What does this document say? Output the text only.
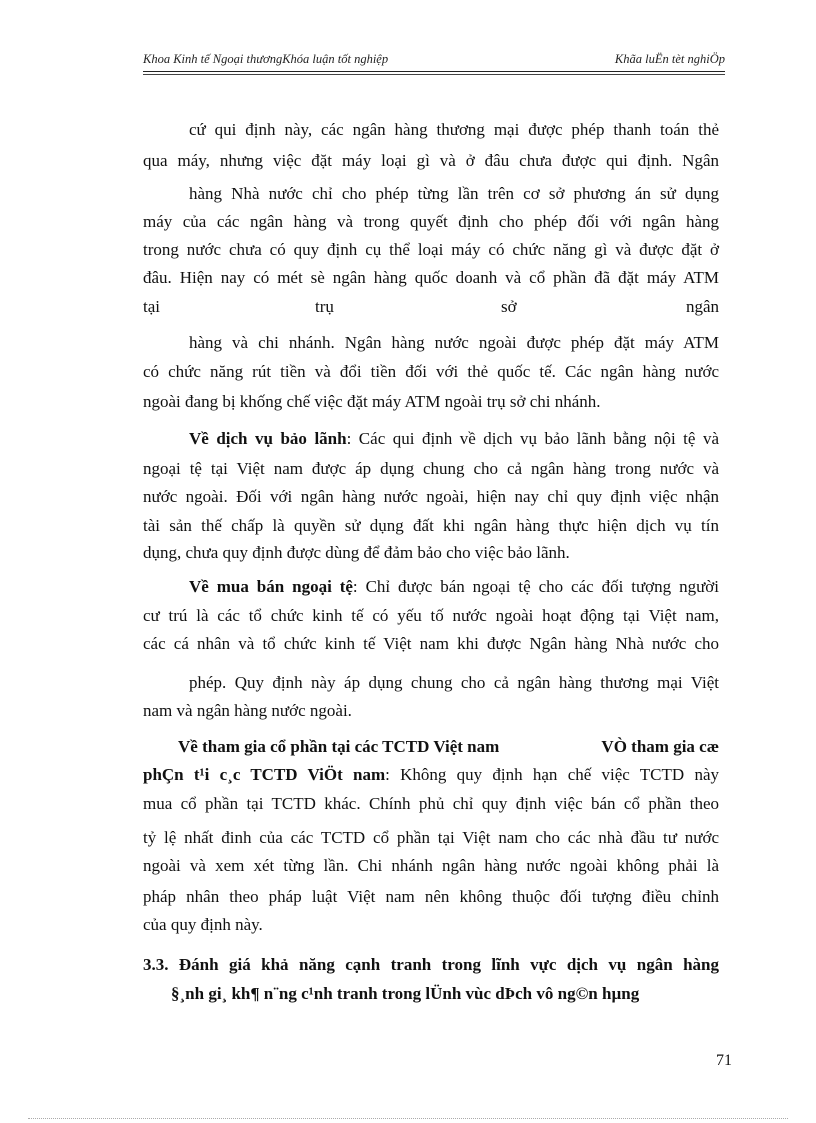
Khoa Kinh tế Ngoại thươngKhóa luận tốt nghiệp	Khãa luËn tèt nghiÖp
cứ qui định này, các ngân hàng thương mại được phép thanh toán thẻ
qua máy, nhưng việc đặt máy loại gì và ở đâu chưa được qui định. Ngân
hàng Nhà nước chỉ cho phép từng lần trên cơ sở phương án sử dụng
máy của các ngân hàng và trong quyết định cho phép đối với ngân hàng
trong nước chưa có quy định cụ thể loại máy có chức năng gì và được đặt ở
đâu. Hiện nay có mét sè ngân hàng quốc doanh và cổ phần đã đặt máy ATM
tại	trụ	sở	ngân
hàng và chi nhánh. Ngân hàng nước ngoài được phép đặt máy ATM
có chức năng rút tiền và đổi tiền đối với thẻ quốc tế. Các ngân hàng nước
ngoài đang bị khống chế việc đặt máy ATM ngoài trụ sở chi nhánh.
Về dịch vụ bảo lãnh: Các qui định về dịch vụ bảo lãnh bằng nội tệ và
ngoại tệ tại Việt nam được áp dụng chung cho cả ngân hàng trong nước và
nước ngoài. Đối với ngân hàng nước ngoài, hiện nay chỉ quy định việc nhận
tài sản thế chấp là quyền sử dụng đất khi ngân hàng thực hiện dịch vụ tín
dụng, chưa quy định được dùng để đảm bảo cho việc bảo lãnh.
Về mua bán ngoại tệ: Chỉ được bán ngoại tệ cho các đối tượng người
cư trú là các tổ chức kinh tế có yếu tố nước ngoài hoạt động tại Việt nam,
các cá nhân và tổ chức kinh tế Việt nam khi được Ngân hàng Nhà nước cho
phép. Quy định này áp dụng chung cho cả ngân hàng thương mại Việt
nam và ngân hàng nước ngoài.
Về tham gia cổ phần tại các TCTD Việt nam	VÒ tham gia cæ
phÇn t¹i c¸c TCTD ViÖt nam: Không quy định hạn chế việc TCTD này
mua cổ phần tại TCTD khác. Chính phủ chỉ quy định việc bán cổ phần theo
tỷ lệ nhất đinh của các TCTD cổ phần tại Việt nam cho các nhà đầu tư nước
ngoài và xem xét từng lần. Chi nhánh ngân hàng nước ngoài không phải là
pháp nhân theo pháp luật Việt nam nên không thuộc đối tượng điều chỉnh
của quy định này.
3.3. Đánh giá khả năng cạnh tranh trong lĩnh vực dịch vụ ngân hàng
§¸nh gi¸ kh¶ n¨ng c¹nh tranh trong lÜnh vùc dÞch vô ng©n hµng
71
